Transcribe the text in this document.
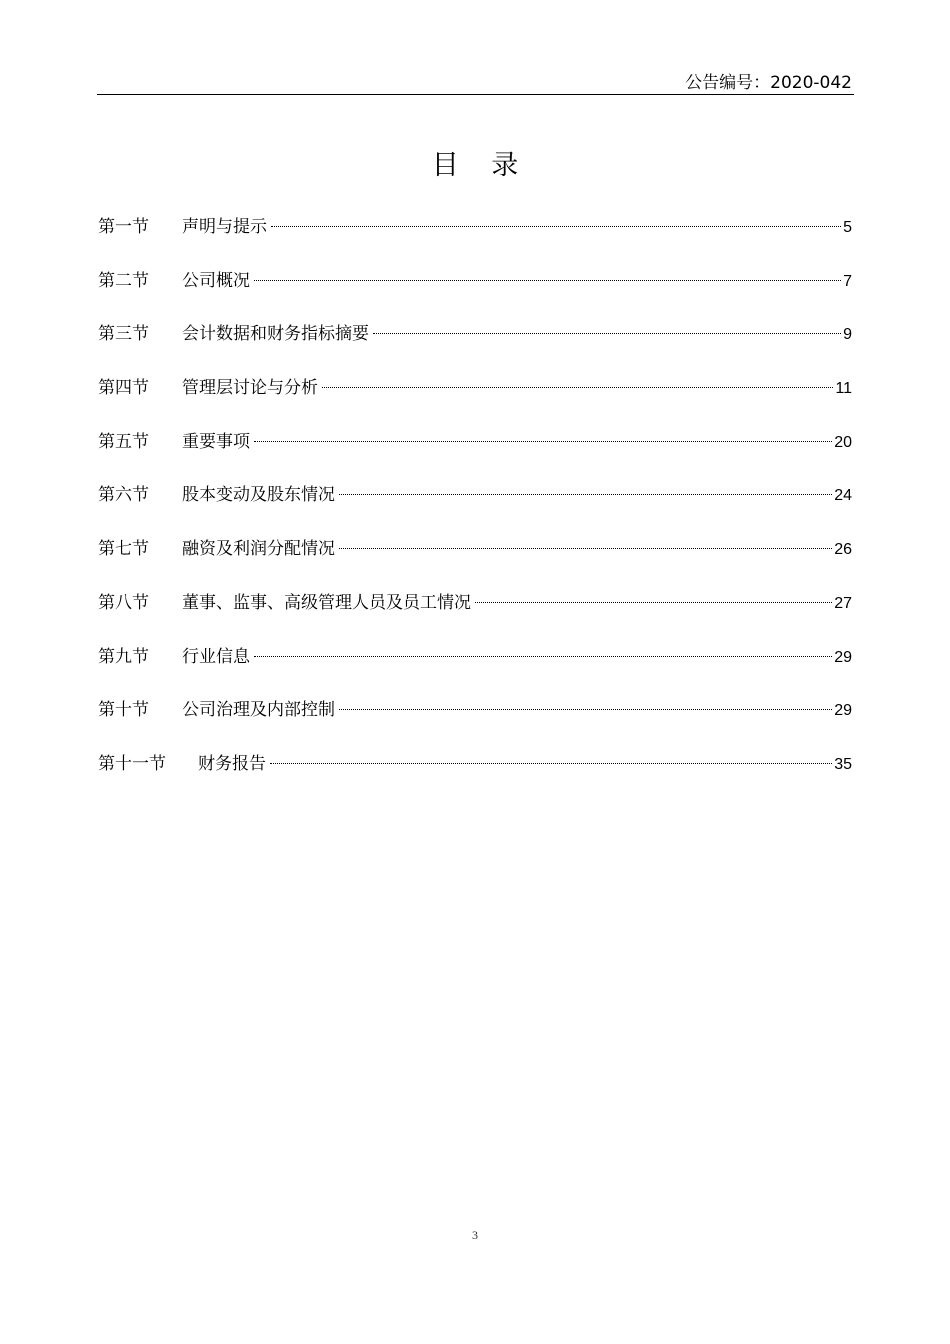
公告编号：2020-042
目 录
第一节 声明与提示	5
第二节 公司概况	7
第三节 会计数据和财务指标摘要	9
第四节 管理层讨论与分析	11
第五节 重要事项	20
第六节 股本变动及股东情况	24
第七节 融资及利润分配情况	26
第八节 董事、监事、高级管理人员及员工情况	27
第九节 行业信息	29
第十节 公司治理及内部控制	29
第十一节 财务报告	35
3
